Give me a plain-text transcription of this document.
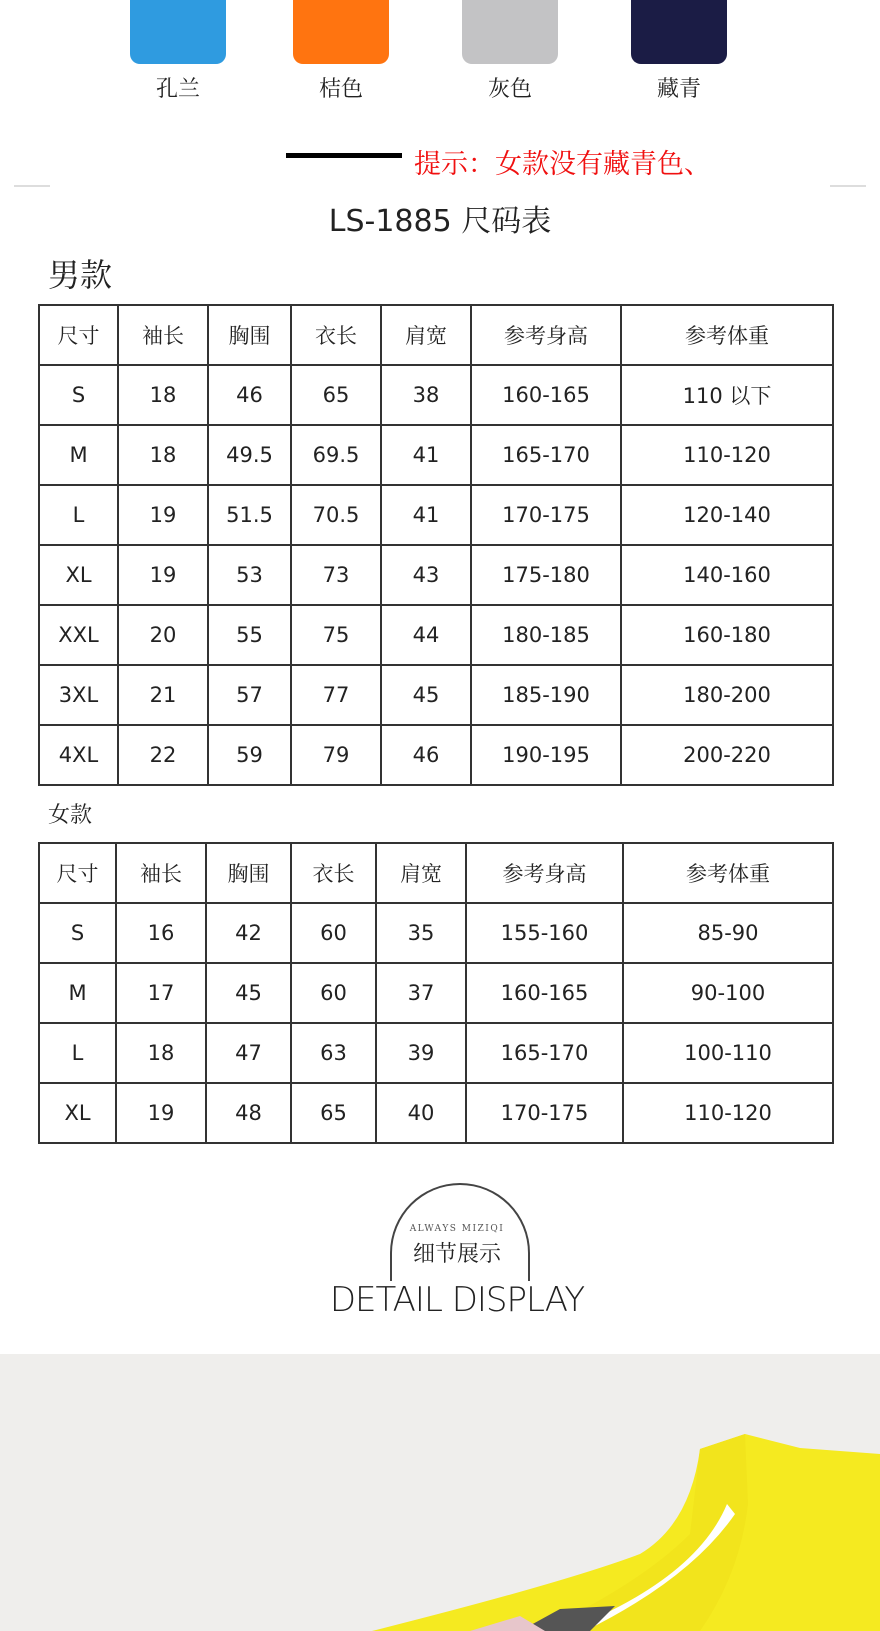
孔兰	桔色	灰色	藏青
提示：女款没有藏青色、
LS-1885 尺码表
男款
尺寸	袖长	胸围	衣长	肩宽	参考身高	参考体重
S	18	46	65	38	160-165	110 以下
M	18	49.5	69.5	41	165-170	110-120
L	19	51.5	70.5	41	170-175	120-140
XL	19	53	73	43	175-180	140-160
XXL	20	55	75	44	180-185	160-180
3XL	21	57	77	45	185-190	180-200
4XL	22	59	79	46	190-195	200-220
女款
尺寸	袖长	胸围	衣长	肩宽	参考身高	参考体重
S	16	42	60	35	155-160	85-90
M	17	45	60	37	160-165	90-100
L	18	47	63	39	165-170	100-110
XL	19	48	65	40	170-175	110-120
ALWAYS MIZIQI
细节展示
DETAIL DISPLAY
